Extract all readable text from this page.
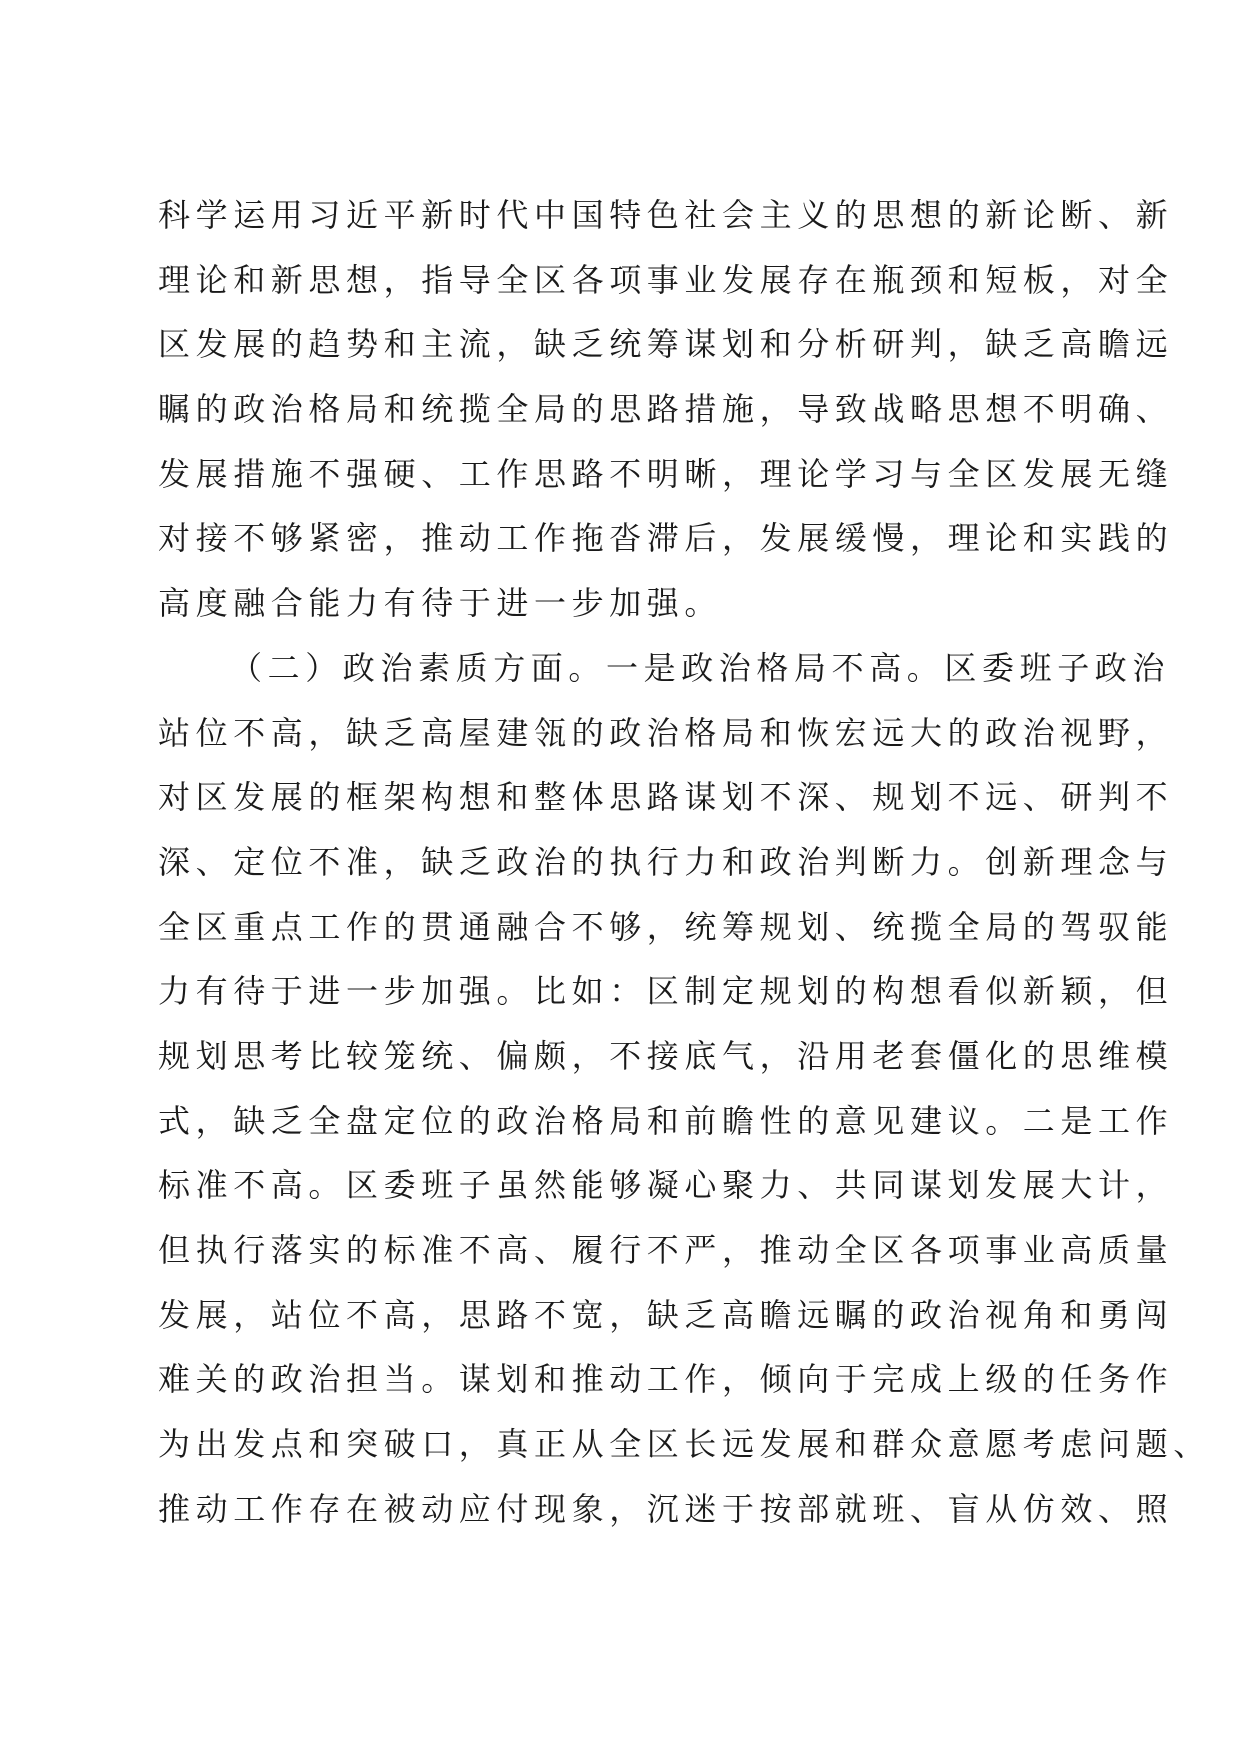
科学运用习近平新时代中国特色社会主义的思想的新论断、新
理论和新思想，指导全区各项事业发展存在瓶颈和短板，对全
区发展的趋势和主流，缺乏统筹谋划和分析研判，缺乏高瞻远
瞩的政治格局和统揽全局的思路措施，导致战略思想不明确、
发展措施不强硬、工作思路不明晰，理论学习与全区发展无缝
对接不够紧密，推动工作拖沓滞后，发展缓慢，理论和实践的
高度融合能力有待于进一步加强。
（二）政治素质方面。一是政治格局不高。区委班子政治
站位不高，缺乏高屋建瓴的政治格局和恢宏远大的政治视野，
对区发展的框架构想和整体思路谋划不深、规划不远、研判不
深、定位不准，缺乏政治的执行力和政治判断力。创新理念与
全区重点工作的贯通融合不够，统筹规划、统揽全局的驾驭能
力有待于进一步加强。比如：区制定规划的构想看似新颖，但
规划思考比较笼统、偏颇，不接底气，沿用老套僵化的思维模
式，缺乏全盘定位的政治格局和前瞻性的意见建议。二是工作
标准不高。区委班子虽然能够凝心聚力、共同谋划发展大计，
但执行落实的标准不高、履行不严，推动全区各项事业高质量
发展，站位不高，思路不宽，缺乏高瞻远瞩的政治视角和勇闯
难关的政治担当。谋划和推动工作，倾向于完成上级的任务作
为出发点和突破口，真正从全区长远发展和群众意愿考虑问题、
推动工作存在被动应付现象，沉迷于按部就班、盲从仿效、照
